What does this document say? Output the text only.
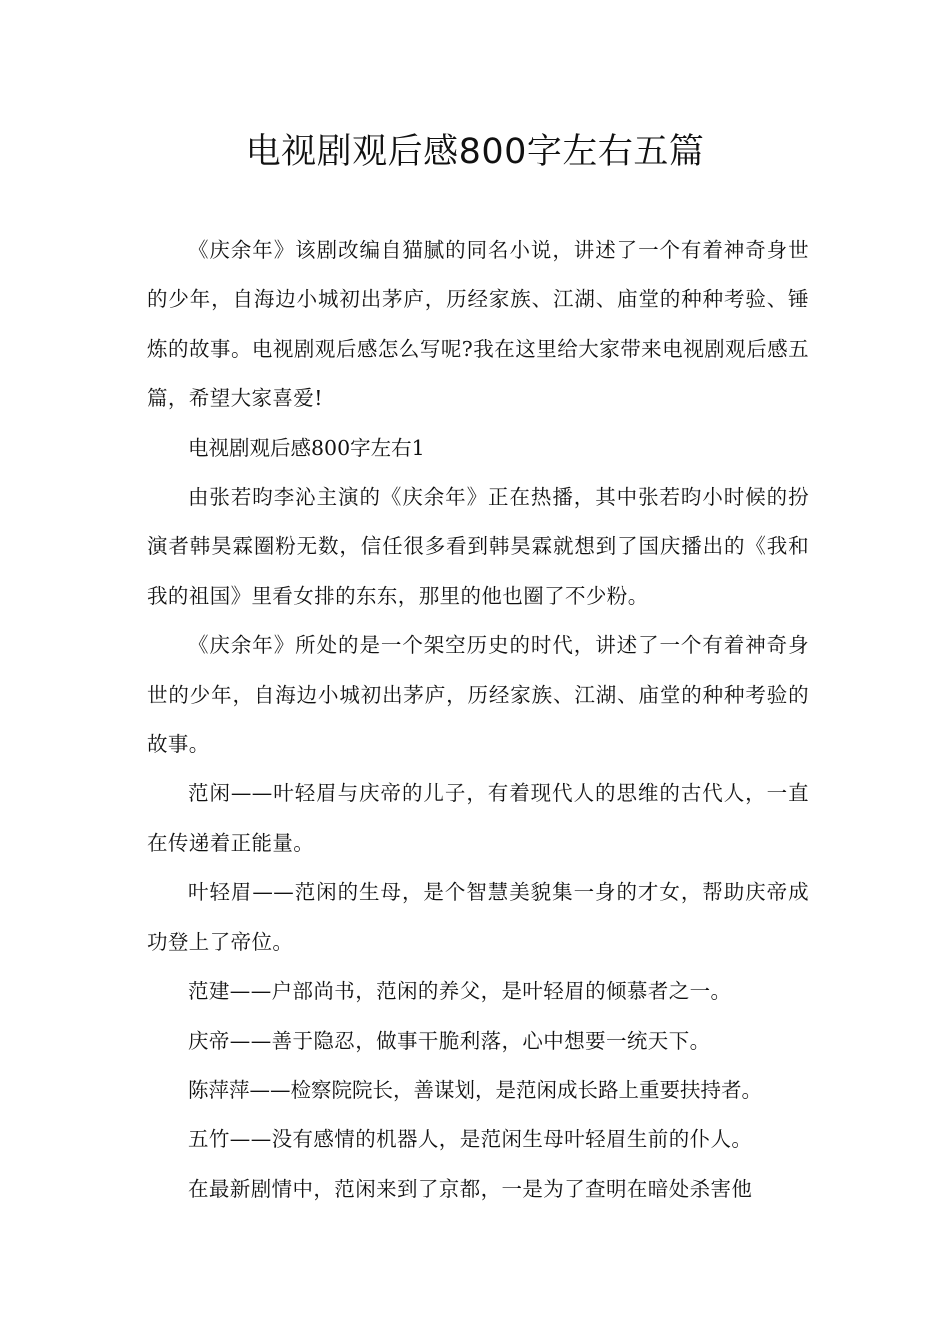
电视剧观后感800字左右五篇

《庆余年》该剧改编自猫腻的同名小说，讲述了一个有着神奇身世的少年，自海边小城初出茅庐，历经家族、江湖、庙堂的种种考验、锤炼的故事。电视剧观后感怎么写呢?我在这里给大家带来电视剧观后感五篇，希望大家喜爱!

电视剧观后感800字左右1

由张若昀李沁主演的《庆余年》正在热播，其中张若昀小时候的扮演者韩昊霖圈粉无数，信任很多看到韩昊霖就想到了国庆播出的《我和我的祖国》里看女排的东东，那里的他也圈了不少粉。

《庆余年》所处的是一个架空历史的时代，讲述了一个有着神奇身世的少年，自海边小城初出茅庐，历经家族、江湖、庙堂的种种考验的故事。

范闲——叶轻眉与庆帝的儿子，有着现代人的思维的古代人，一直在传递着正能量。

叶轻眉——范闲的生母，是个智慧美貌集一身的才女，帮助庆帝成功登上了帝位。

范建——户部尚书，范闲的养父，是叶轻眉的倾慕者之一。

庆帝——善于隐忍，做事干脆利落，心中想要一统天下。

陈萍萍——检察院院长，善谋划，是范闲成长路上重要扶持者。

五竹——没有感情的机器人，是范闲生母叶轻眉生前的仆人。

在最新剧情中，范闲来到了京都，一是为了查明在暗处杀害他
